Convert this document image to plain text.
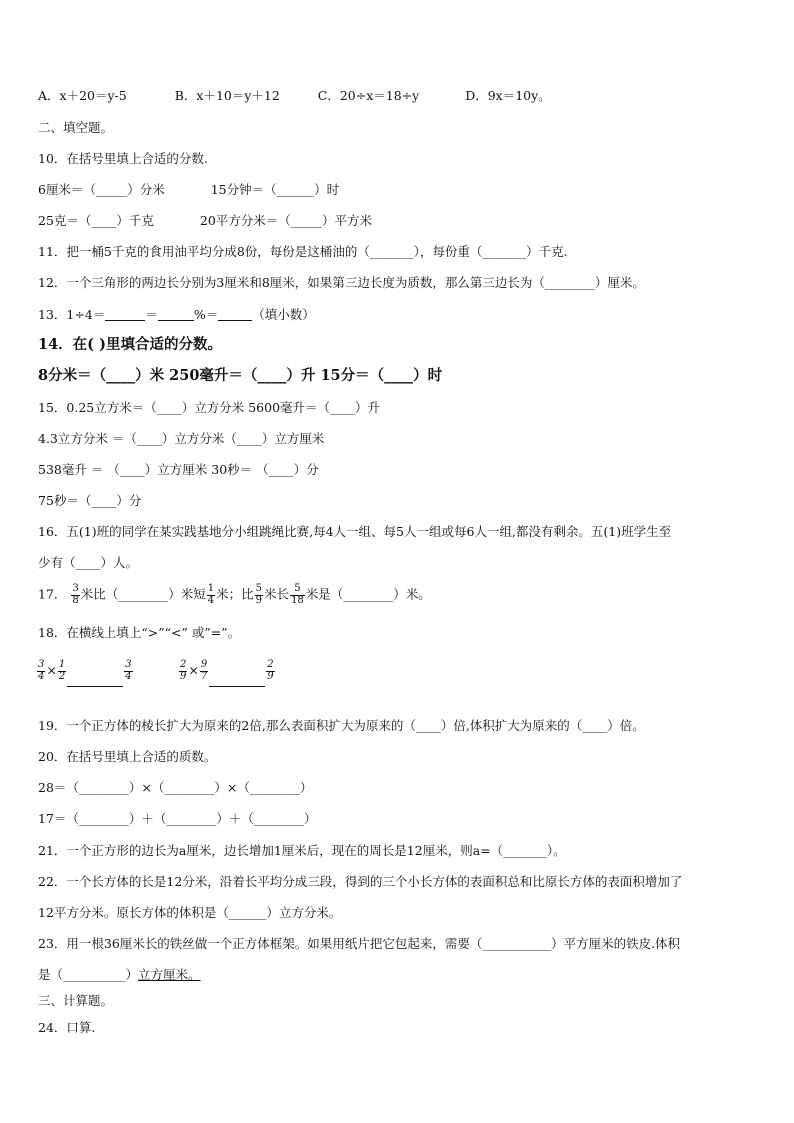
A．x＋20＝y-5	B．x＋10＝y＋12	C．20÷x＝18÷y	D．9x＝10y。
二、填空题。
10．在括号里填上合适的分数.
6厘米＝（_____）分米	15分钟＝（______）时
25克＝（____）千克	20平方分米＝（_____）平方米
11．把一桶5千克的食用油平均分成8份，每份是这桶油的（_______），每份重（_______）千克.
12．一个三角形的两边长分别为3厘米和8厘米，如果第三边长度为质数，那么第三边长为（________）厘米。
13．1÷4＝	＝	%＝	（填小数）
14．在( )里填合适的分数。
8分米＝（____）米 250毫升＝（____）升 15分＝（____）时
15．0.25立方米＝（____）立方分米 5600毫升＝（____）升
4.3立方分米 ＝（____）立方分米（____）立方厘米
538毫升 ＝ （____）立方厘米 30秒＝ （____）分
75秒＝（____）分
16．五(1)班的同学在某实践基地分小组跳绳比赛,每4人一组、每5人一组或每6人一组,都没有剩余。五(1)班学生至
少有（____）人。
17． $\frac{3}{8}$ 米比（________）米短 $\frac{1}{4}$ 米；比 $\frac{5}{9}$ 米长 $\frac{5}{18}$ 米是（________）米。
18．在横线上填上“>”“<” 或”=”。
$\frac{3}{4} \times \frac{1}{2}$	$\frac{3}{4}$	$\frac{2}{9} \times \frac{9}{7}$	$\frac{2}{9}$
19．一个正方体的棱长扩大为原来的2倍,那么表面积扩大为原来的（____）倍,体积扩大为原来的（____）倍。
20．在括号里填上合适的质数。
28＝（________）×（________）×（________）
17＝（________）＋（________）＋（________）
21．一个正方形的边长为a厘米，边长增加1厘米后，现在的周长是12厘米，则a=（_______）。
22．一个长方体的长是12分米，沿着长平均分成三段，得到的三个小长方体的表面积总和比原长方体的表面积增加了
12平方分米。原长方体的体积是（______）立方分米。
23．用一根36厘米长的铁丝做一个正方体框架。如果用纸片把它包起来，需要（___________）平方厘米的铁皮.体积
是（__________）立方厘米。
三、计算题。
24．口算.
